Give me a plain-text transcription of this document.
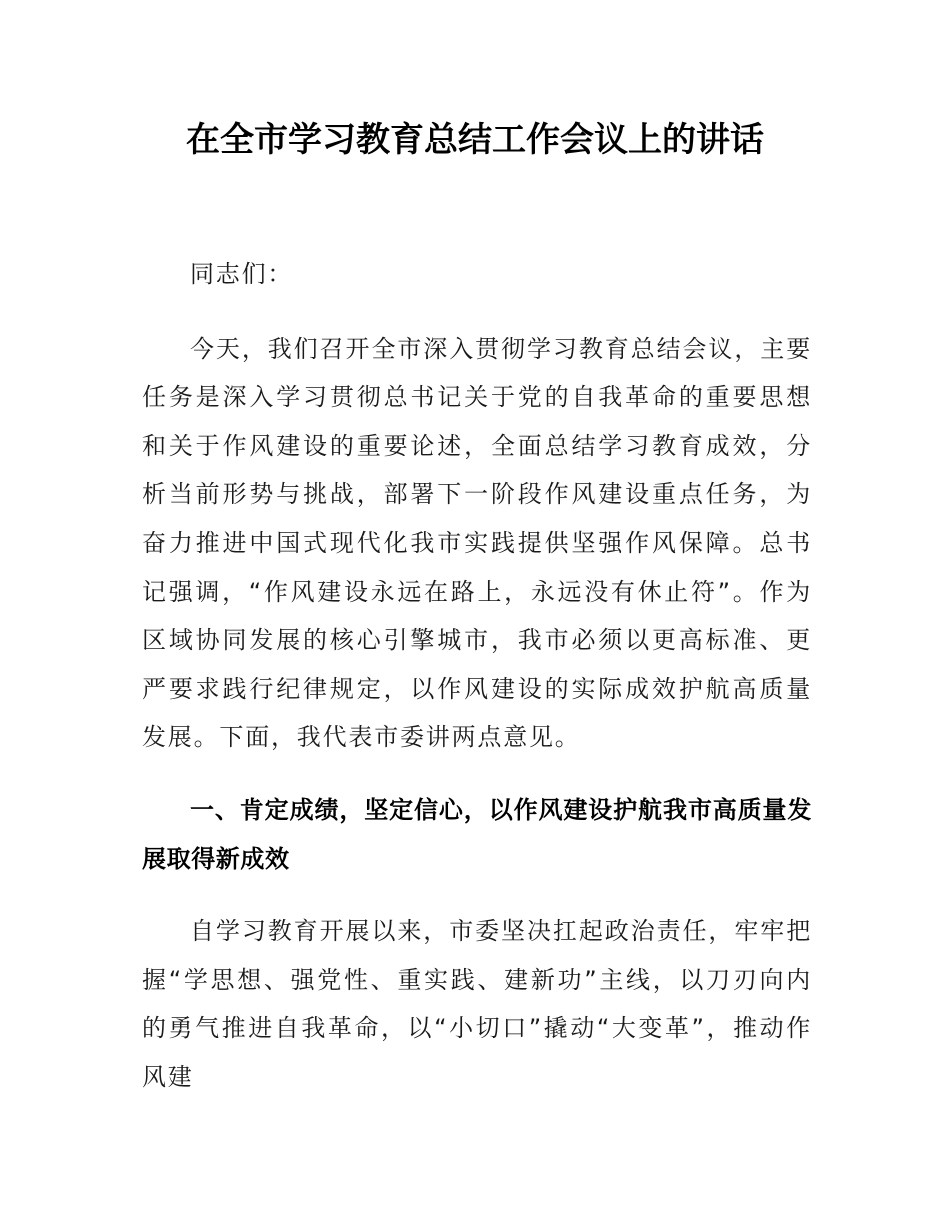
在全市学习教育总结工作会议上的讲话

同志们：

今天，我们召开全市深入贯彻学习教育总结会议，主要任务是深入学习贯彻总书记关于党的自我革命的重要思想和关于作风建设的重要论述，全面总结学习教育成效，分析当前形势与挑战，部署下一阶段作风建设重点任务，为奋力推进中国式现代化我市实践提供坚强作风保障。总书记强调，“作风建设永远在路上，永远没有休止符”。作为区域协同发展的核心引擎城市，我市必须以更高标准、更严要求践行纪律规定，以作风建设的实际成效护航高质量发展。下面，我代表市委讲两点意见。

一、肯定成绩，坚定信心，以作风建设护航我市高质量发展取得新成效

自学习教育开展以来，市委坚决扛起政治责任，牢牢把握“学思想、强党性、重实践、建新功”主线，以刀刃向内的勇气推进自我革命，以“小切口”撬动“大变革”，推动作风建
